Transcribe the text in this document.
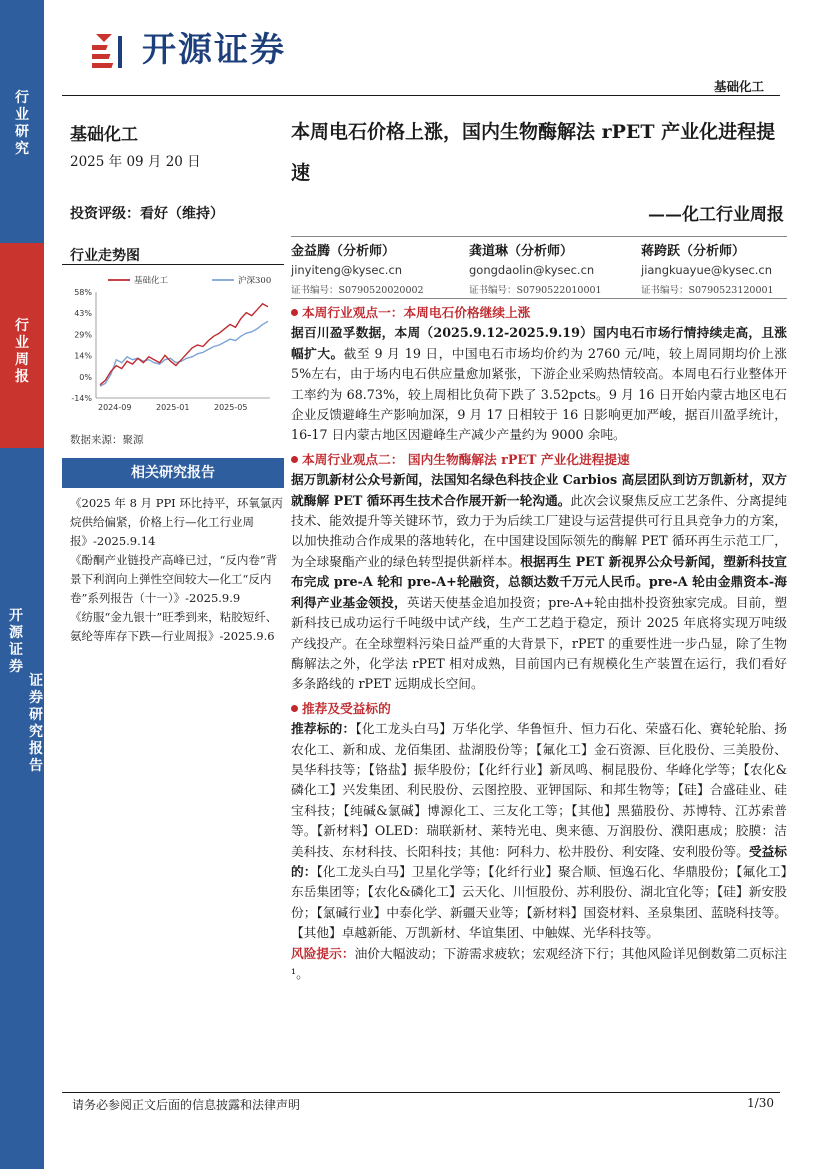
行
业
研
究
行
业
周
报
开
源
证
券
证
券
研
究
报
告
开源证券
基础化工
基础化工
2025 年 09 月 20 日
投资评级：看好（维持）
行业走势图
58%
43%
29%
14%
0%
-14%
2024-09	2025-01	2025-05
基础化工	沪深300
数据来源：聚源
相关研究报告
《2025 年 8 月 PPI 环比持平，环氧氯丙烷供给偏紧，价格上行—化工行业周报》-2025.9.14
《酚酮产业链投产高峰已过，“反内卷”背景下利润向上弹性空间较大—化工“反内卷”系列报告（十一）》-2025.9.9
《纺服“金九银十”旺季到来，粘胶短纤、氨纶等库存下跌—行业周报》-2025.9.6
本周电石价格上涨，国内生物酶解法 rPET 产业化进程提速
——化工行业周报
金益腾（分析师）
jinyiteng@kysec.cn
证书编号：S0790520020002
龚道琳（分析师）
gongdaolin@kysec.cn
证书编号：S0790522010001
蒋跨跃（分析师）
jiangkuayue@kysec.cn
证书编号：S0790523120001
本周行业观点一：本周电石价格继续上涨

据百川盈孚数据，本周（2025.9.12-2025.9.19）国内电石市场行情持续走高，且涨幅扩大。截至 9 月 19 日，中国电石市场均价约为 2760 元/吨，较上周同期均价上涨 5%左右，由于场内电石供应量愈加紧张，下游企业采购热情较高。本周电石行业整体开工率约为 68.73%，较上周相比负荷下跌了 3.52pcts。9 月 16 日开始内蒙古地区电石企业反馈避峰生产影响加深，9 月 17 日相较于 16 日影响更加严峻，据百川盈孚统计，16-17 日内蒙古地区因避峰生产减少产量约为 9000 余吨。

本周行业观点二： 国内生物酶解法 rPET 产业化进程提速

据万凯新材公众号新闻，法国知名绿色科技企业 Carbios 高层团队到访万凯新材，双方就酶解 PET 循环再生技术合作展开新一轮沟通。此次会议聚焦反应工艺条件、分离提纯技术、能效提升等关键环节，致力于为后续工厂建设与运营提供可行且具竞争力的方案，以加快推动合作成果的落地转化，在中国建设国际领先的酶解 PET 循环再生示范工厂，为全球聚酯产业的绿色转型提供新样本。根据再生 PET 新视界公众号新闻，塑新科技宣布完成 pre-A 轮和 pre-A+轮融资，总额达数千万元人民币。pre-A 轮由金鼎资本-海利得产业基金领投，英诺天使基金追加投资；pre-A+轮由拙朴投资独家完成。目前，塑新科技已成功运行千吨级中试产线，生产工艺趋于稳定，预计 2025 年底将实现万吨级产线投产。在全球塑料污染日益严重的大背景下，rPET 的重要性进一步凸显，除了生物酶解法之外，化学法 rPET 相对成熟，目前国内已有规模化生产装置在运行，我们看好多条路线的 rPET 远期成长空间。

推荐及受益标的

推荐标的：【化工龙头白马】万华化学、华鲁恒升、恒力石化、荣盛石化、赛轮轮胎、扬农化工、新和成、龙佰集团、盐湖股份等；【氟化工】金石资源、巨化股份、三美股份、昊华科技等；【铬盐】振华股份；【化纤行业】新凤鸣、桐昆股份、华峰化学等；【农化&磷化工】兴发集团、利民股份、云图控股、亚钾国际、和邦生物等；【硅】合盛硅业、硅宝科技；【纯碱&氯碱】博源化工、三友化工等；【其他】黑猫股份、苏博特、江苏索普等。【新材料】OLED：瑞联新材、莱特光电、奥来德、万润股份、濮阳惠成；胶膜：洁美科技、东材科技、长阳科技；其他：阿科力、松井股份、利安隆、安利股份等。受益标的：【化工龙头白马】卫星化学等；【化纤行业】聚合顺、恒逸石化、华鼎股份；【氟化工】东岳集团等；【农化&磷化工】云天化、川恒股份、苏利股份、湖北宜化等；【硅】新安股份；【氯碱行业】中泰化学、新疆天业等；【新材料】国瓷材料、圣泉集团、蓝晓科技等。【其他】卓越新能、万凯新材、华谊集团、中触媒、光华科技等。

风险提示：油价大幅波动；下游需求疲软；宏观经济下行；其他风险详见倒数第二页标注¹。

请务必参阅正文后面的信息披露和法律声明	1/30
